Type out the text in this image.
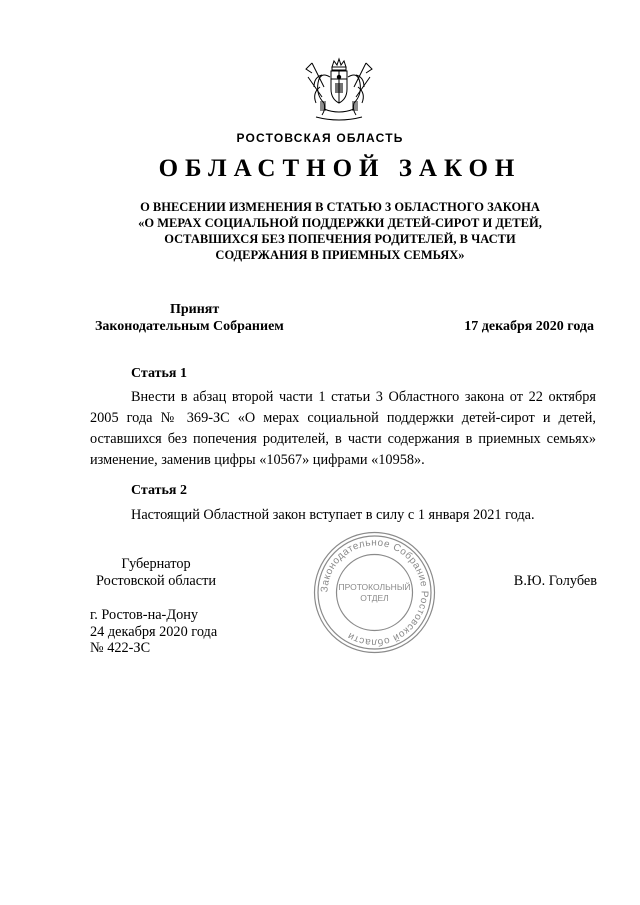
РОСТОВСКАЯ ОБЛАСТЬ
ОБЛАСТНОЙ ЗАКОН
О ВНЕСЕНИИ ИЗМЕНЕНИЯ В СТАТЬЮ 3 ОБЛАСТНОГО ЗАКОНА
«О МЕРАХ СОЦИАЛЬНОЙ ПОДДЕРЖКИ ДЕТЕЙ-СИРОТ И ДЕТЕЙ,
ОСТАВШИХСЯ БЕЗ ПОПЕЧЕНИЯ РОДИТЕЛЕЙ, В ЧАСТИ
СОДЕРЖАНИЯ В ПРИЕМНЫХ СЕМЬЯХ»
Принят
Законодательным Собранием	17 декабря 2020 года
Статья 1
Внести в абзац второй части 1 статьи 3 Областного закона от 22 октября 2005 года № 369-ЗС «О мерах социальной поддержки детей-сирот и детей, оставшихся без попечения родителей, в части содержания в приемных семьях» изменение, заменив цифры «10567» цифрами «10958».
Статья 2
Настоящий Областной закон вступает в силу с 1 января 2021 года.
Законодательное Собрание Ростовской области
ПРОТОКОЛЬНЫЙ
ОТДЕЛ
Губернатор
Ростовской области	В.Ю. Голубев
г. Ростов-на-Дону
24 декабря 2020 года
№ 422-ЗС
